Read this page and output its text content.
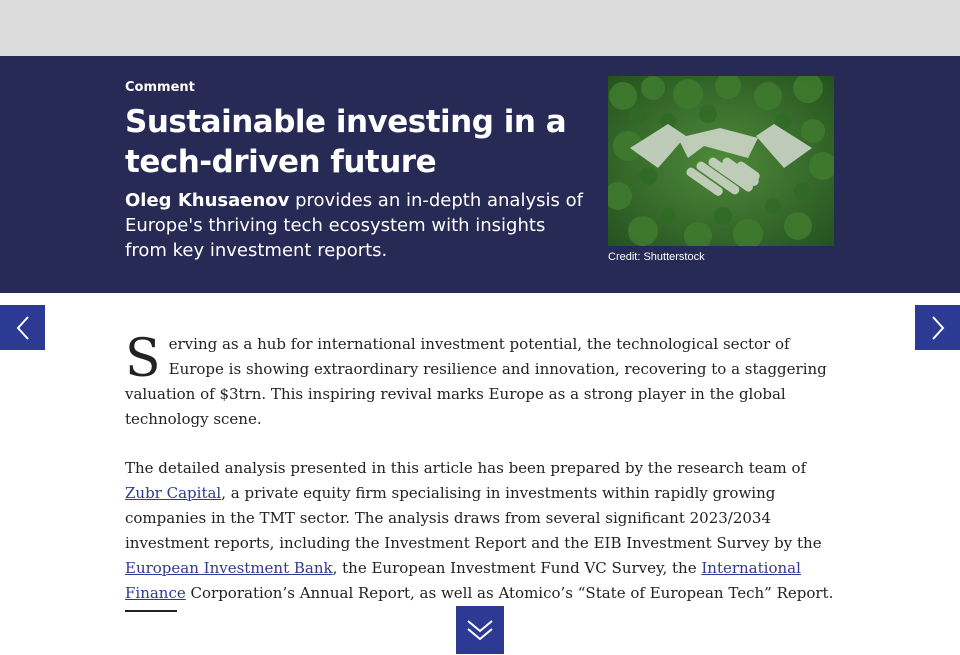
Comment
Sustainable investing in a tech-driven future

Oleg Khusaenov provides an in-depth analysis of Europe's thriving tech ecosystem with insights from key investment reports.	Credit: Shutterstock

Serving as a hub for international investment potential, the technological sector of Europe is showing extraordinary resilience and innovation, recovering to a staggering valuation of $3trn. This inspiring revival marks Europe as a strong player in the global technology scene.

The detailed analysis presented in this article has been prepared by the research team of Zubr Capital, a private equity firm specialising in investments within rapidly growing companies in the TMT sector. The analysis draws from several significant 2023/2034 investment reports, including the Investment Report and the EIB Investment Survey by the European Investment Bank, the European Investment Fund VC Survey, the International Finance Corporation’s Annual Report, as well as Atomico’s “State of European Tech” Report.
